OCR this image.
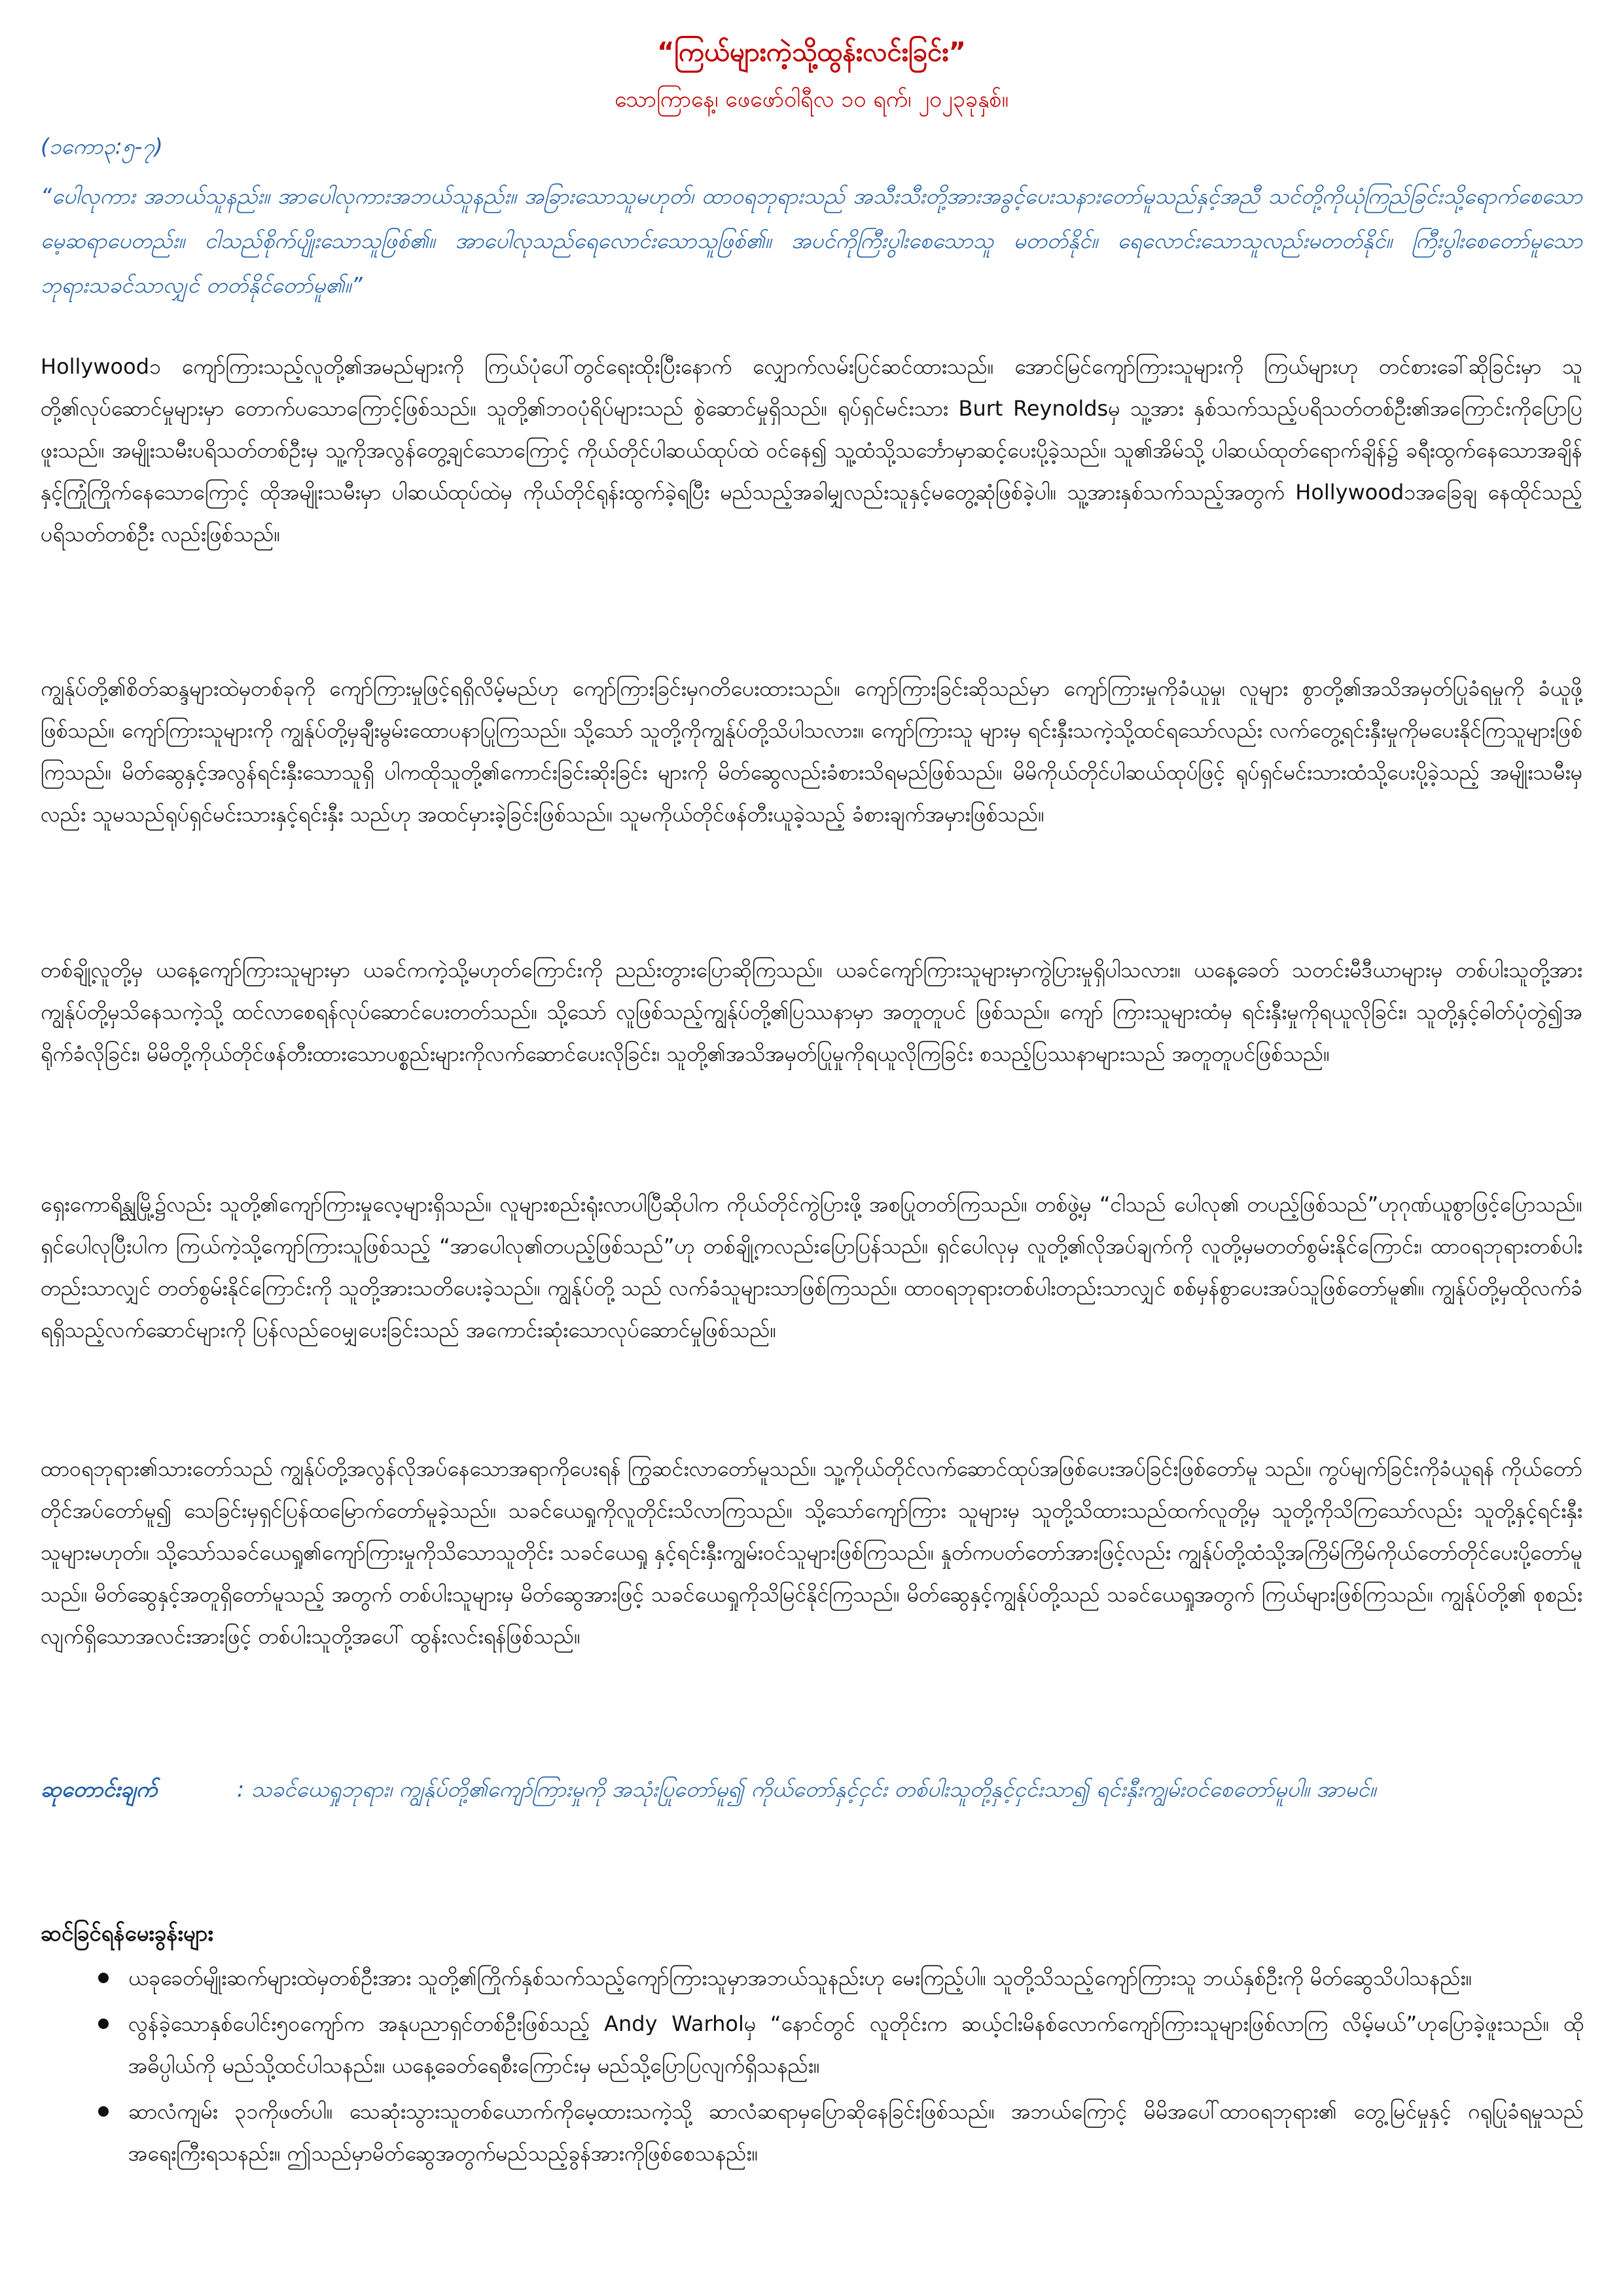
“ကြယ်များကဲ့သို့ထွန်းလင်းခြင်း”
သောကြာနေ့၊ ဖေဖော်ဝါရီလ ၁၀ ရက်၊ ၂၀၂၃ခုနှစ်။
(၁ကော၃:၅-၇)
“ပေါလုကား အဘယ်သူနည်း။ အာပေါလုကားအဘယ်သူနည်း။ အခြားသောသူမဟုတ်၊ ထာဝရဘုရားသည် အသီးသီးတို့အားအခွင့်ပေးသနားတော်မူသည်နှင့်အညီ သင်တို့ကိုယုံကြည်ခြင်းသို့ရောက်စေသောမေ့ဆရာပေတည်း။ ငါသည်စိုက်ပျိုးသောသူဖြစ်၏။ အာပေါလုသည်ရေလောင်းသောသူဖြစ်၏။ အပင်ကိုကြီးပွါးစေသောသူ မတတ်နိုင်။ ရေလောင်းသောသူလည်းမတတ်နိုင်။ ကြီးပွါးစေတော်မူသောဘုရားသခင်သာလျှင် တတ်နိုင်တော်မူ၏။”
Hollywoodၥ ကျော်ကြားသည့်လူတို့၏အမည်များကို ကြယ်ပုံပေါ်တွင်ရေးထိုးပြီးနောက် လျှောက်လမ်းပြင်ဆင်ထားသည်။ အောင်မြင်ကျော်ကြားသူများကို ကြယ်များဟု တင်စားခေါ်ဆိုခြင်းမှာ သူတို့၏လုပ်ဆောင်မှုများမှာ တောက်ပသောကြောင့်ဖြစ်သည်။ သူတို့၏ဘဝပုံရိပ်များသည် စွဲဆောင်မှုရှိသည်။ ရုပ်ရှင်မင်းသား Burt Reynoldsမှ သူ့အား နှစ်သက်သည့်ပရိသတ်တစ်ဦး၏အကြောင်းကိုပြောပြဖူးသည်။ အမျိုးသမီးပရိသတ်တစ်ဦးမှ သူ့ကိုအလွန်တွေ့ချင်သောကြောင့် ကိုယ်တိုင်ပါဆယ်ထုပ်ထဲ ဝင်နေ၍ သူ့ထံသို့သင်္ဘောမှာဆင့်ပေးပို့ခဲ့သည်။ သူ၏အိမ်သို့ ပါဆယ်ထုတ်ရောက်ချိန်၌ ခရီးထွက်နေသောအချိန်နှင့်ကြုံကြိုက်နေသောကြောင့် ထိုအမျိုးသမီးမှာ ပါဆယ်ထုပ်ထဲမှ ကိုယ်တိုင်ရုန်းထွက်ခဲ့ရပြီး မည်သည့်အခါမျှလည်းသူနှင့်မတွေ့ဆုံဖြစ်ခဲ့ပါ။ သူ့အားနှစ်သက်သည့်အတွက် Hollywoodၥအခြေချ နေထိုင်သည့်ပရိသတ်တစ်ဦး လည်းဖြစ်သည်။
ကျွန်ုပ်တို့၏စိတ်ဆန္ဒများထဲမှတစ်ခုကို ကျော်ကြားမှုဖြင့်ရရှိလိမ့်မည်ဟု ကျော်ကြားခြင်းမှဂတိပေးထားသည်။ ကျော်ကြားခြင်းဆိုသည်မှာ ကျော်ကြားမှုကိုခံယူမှု၊ လူများ စွာတို့၏အသိအမှတ်ပြုခံရမှုကို ခံယူဖို့ဖြစ်သည်။ ကျော်ကြားသူများကို ကျွန်ုပ်တို့မှချီးမွမ်းထောပနာပြုကြသည်။ သို့သော် သူတို့ကိုကျွန်ုပ်တို့သိပါသလား။ ကျော်ကြားသူ များမှ ရင်းနှီးသကဲ့သို့ထင်ရသော်လည်း လက်တွေ့ရင်းနှီးမှုကိုမပေးနိုင်ကြသူများဖြစ်ကြသည်။ မိတ်ဆွေနှင့်အလွန်ရင်းနှီးသောသူရှိ ပါကထိုသူတို့၏ကောင်းခြင်းဆိုးခြင်း များကို မိတ်ဆွေလည်းခံစားသိရမည်ဖြစ်သည်။ မိမိကိုယ်တိုင်ပါဆယ်ထုပ်ဖြင့် ရုပ်ရှင်မင်းသားထံသို့ပေးပို့ခဲ့သည့် အမျိုးသမီးမှလည်း သူမသည်ရုပ်ရှင်မင်းသားနှင့်ရင်းနှီး သည်ဟု အထင်မှားခဲ့ခြင်းဖြစ်သည်။ သူမကိုယ်တိုင်ဖန်တီးယူခဲ့သည့် ခံစားချက်အမှားဖြစ်သည်။
တစ်ချို့လူတို့မှ ယနေ့ကျော်ကြားသူများမှာ ယခင်ကကဲ့သို့မဟုတ်ကြောင်းကို ညည်းတွားပြောဆိုကြသည်။ ယခင်ကျော်ကြားသူများမှာကွဲပြားမှုရှိပါသလား။ ယနေ့ခေတ် သတင်းမီဒီယာများမှ တစ်ပါးသူတို့အား ကျွန်ုပ်တို့မှသိနေသကဲ့သို့ ထင်လာစေရန်လုပ်ဆောင်ပေးတတ်သည်။ သို့သော် လူဖြစ်သည့်ကျွန်ုပ်တို့၏ပြဿနာမှာ အတူတူပင် ဖြစ်သည်။ ကျော် ကြားသူများထံမှ ရင်းနှီးမှုကိုရယူလိုခြင်း၊ သူတို့နှင့်ဓါတ်ပုံတွဲ၍အရိုက်ခံလိုခြင်း၊ မိမိတို့ကိုယ်တိုင်ဖန်တီးထားသောပစ္စည်းများကိုလက်ဆောင်ပေးလိုခြင်း၊ သူတို့၏အသိအမှတ်ပြုမှုကိုရယူလိုကြခြင်း စသည့်ပြဿနာများသည် အတူတူပင်ဖြစ်သည်။
ရှေးကောရိန္သုမြို့၌လည်း သူတို့၏ကျော်ကြားမှုလေ့များရှိသည်။ လူများစည်းရုံးလာပါပြီဆိုပါက ကိုယ်တိုင်ကွဲပြားဖို့ အစပြုတတ်ကြသည်။ တစ်ဖွဲ့မှ “ငါသည် ပေါလု၏ တပည့်ဖြစ်သည်”ဟုဂုဏ်ယူစွာဖြင့်ပြောသည်။ ရှင်ပေါလုပြီးပါက ကြယ်ကဲ့သို့ကျော်ကြားသူဖြစ်သည့် “အာပေါလု၏တပည့်ဖြစ်သည်”ဟု တစ်ချို့ကလည်းပြောပြန်သည်။ ရှင်ပေါလုမှ လူတို့၏လိုအပ်ချက်ကို လူတို့မှမတတ်စွမ်းနိုင်ကြောင်း၊ ထာဝရဘုရားတစ်ပါးတည်းသာလျှင် တတ်စွမ်းနိုင်ကြောင်းကို သူတို့အားသတိပေးခဲ့သည်။ ကျွန်ုပ်တို့ သည် လက်ခံသူများသာဖြစ်ကြသည်။ ထာဝရဘုရားတစ်ပါးတည်းသာလျှင် စစ်မှန်စွာပေးအပ်သူဖြစ်တော်မူ၏။ ကျွန်ုပ်တို့မှထိုလက်ခံရရှိသည့်လက်ဆောင်များကို ပြန်လည်ဝေမျှပေးခြင်းသည် အကောင်းဆုံးသောလုပ်ဆောင်မှုဖြစ်သည်။
ထာဝရဘုရား၏သားတော်သည် ကျွန်ုပ်တို့အလွန်လိုအပ်နေသောအရာကိုပေးရန် ကြွဆင်းလာတော်မူသည်။ သူ့ကိုယ်တိုင်လက်ဆောင်ထုပ်အဖြစ်ပေးအပ်ခြင်းဖြစ်တော်မူ သည်။ ကွပ်မျက်ခြင်းကိုခံယူရန် ကိုယ်တော်တိုင်အပ်တော်မူ၍ သေခြင်းမှရှင်ပြန်ထမြောက်တော်မူခဲ့သည်။ သခင်ယေရှုကိုလူတိုင်းသိလာကြသည်။ သို့သော်ကျော်ကြား သူများမှ သူတို့သိထားသည်ထက်လူတို့မှ သူတို့ကိုသိကြသော်လည်း သူတို့နှင့်ရင်းနှီးသူများမဟုတ်။ သို့သော်သခင်ယေရှု၏ကျော်ကြားမှုကိုသိသောသူတိုင်း သခင်ယေရှု နှင့်ရင်းနှီးကျွမ်းဝင်သူများဖြစ်ကြသည်။ နှုတ်ကပတ်တော်အားဖြင့်လည်း ကျွန်ုပ်တို့ထံသို့အကြိမ်ကြိမ်ကိုယ်တော်တိုင်ပေးပို့တော်မူသည်။ မိတ်ဆွေနှင့်အတူရှိတော်မူသည့် အတွက် တစ်ပါးသူများမှ မိတ်ဆွေအားဖြင့် သခင်ယေရှုကိုသိမြင်နိုင်ကြသည်။ မိတ်ဆွေနှင့်ကျွန်ုပ်တို့သည် သခင်ယေရှုအတွက် ကြယ်များဖြစ်ကြသည်။ ကျွန်ုပ်တို့၏ စုစည်းလျက်ရှိသောအလင်းအားဖြင့် တစ်ပါးသူတို့အပေါ် ထွန်းလင်းရန်ဖြစ်သည်။
ဆုတောင်းချက်	: သခင်ယေရှုဘုရား၊ ကျွန်ုပ်တို့၏ကျော်ကြားမှုကို အသုံးပြုတော်မူ၍ ကိုယ်တော်နှင့်ငှင်း တစ်ပါးသူတို့နှင့်ငှင်းသာ၍ ရင်းနှီးကျွမ်းဝင်စေတော်မူပါ။ အာမင်။
ဆင်ခြင်ရန်မေးခွန်းများ
ယခုခေတ်မျိုးဆက်များထဲမှတစ်ဦးအား သူတို့၏ကြိုက်နှစ်သက်သည့်ကျော်ကြားသူမှာအဘယ်သူနည်းဟု မေးကြည့်ပါ။ သူတို့သိသည့်ကျော်ကြားသူ ဘယ်နှစ်ဦးကို မိတ်ဆွေသိပါသနည်း။
လွန်ခဲ့သောနှစ်ပေါင်း၅၀ကျော်က အနုပညာရှင်တစ်ဦးဖြစ်သည့် Andy Warholမှ “နောင်တွင် လူတိုင်းက ဆယ့်ငါးမိနစ်လောက်ကျော်ကြားသူများဖြစ်လာကြ လိမ့်မယ်”ဟုပြောခဲ့ဖူးသည်။ ထိုအဓိပ္ပါယ်ကို မည်သို့ထင်ပါသနည်း။ ယနေ့ခေတ်ရေစီးကြောင်းမှ မည်သို့ပြောပြလျက်ရှိသနည်း။
ဆာလံကျမ်း ၃၁ကိုဖတ်ပါ။ သေဆုံးသွားသူတစ်ယောက်ကိုမေ့ထားသကဲ့သို့ ဆာလံဆရာမှပြောဆိုနေခြင်းဖြစ်သည်။ အဘယ်ကြောင့် မိမိအပေါ်ထာဝရဘုရား၏ တွေ့မြင်မှုနှင့် ဂရုပြုခံရမှုသည် အရေးကြီးရသနည်း။ ဤသည်မှာမိတ်ဆွေအတွက်မည်သည့်ခွန်အားကိုဖြစ်စေသနည်း။
